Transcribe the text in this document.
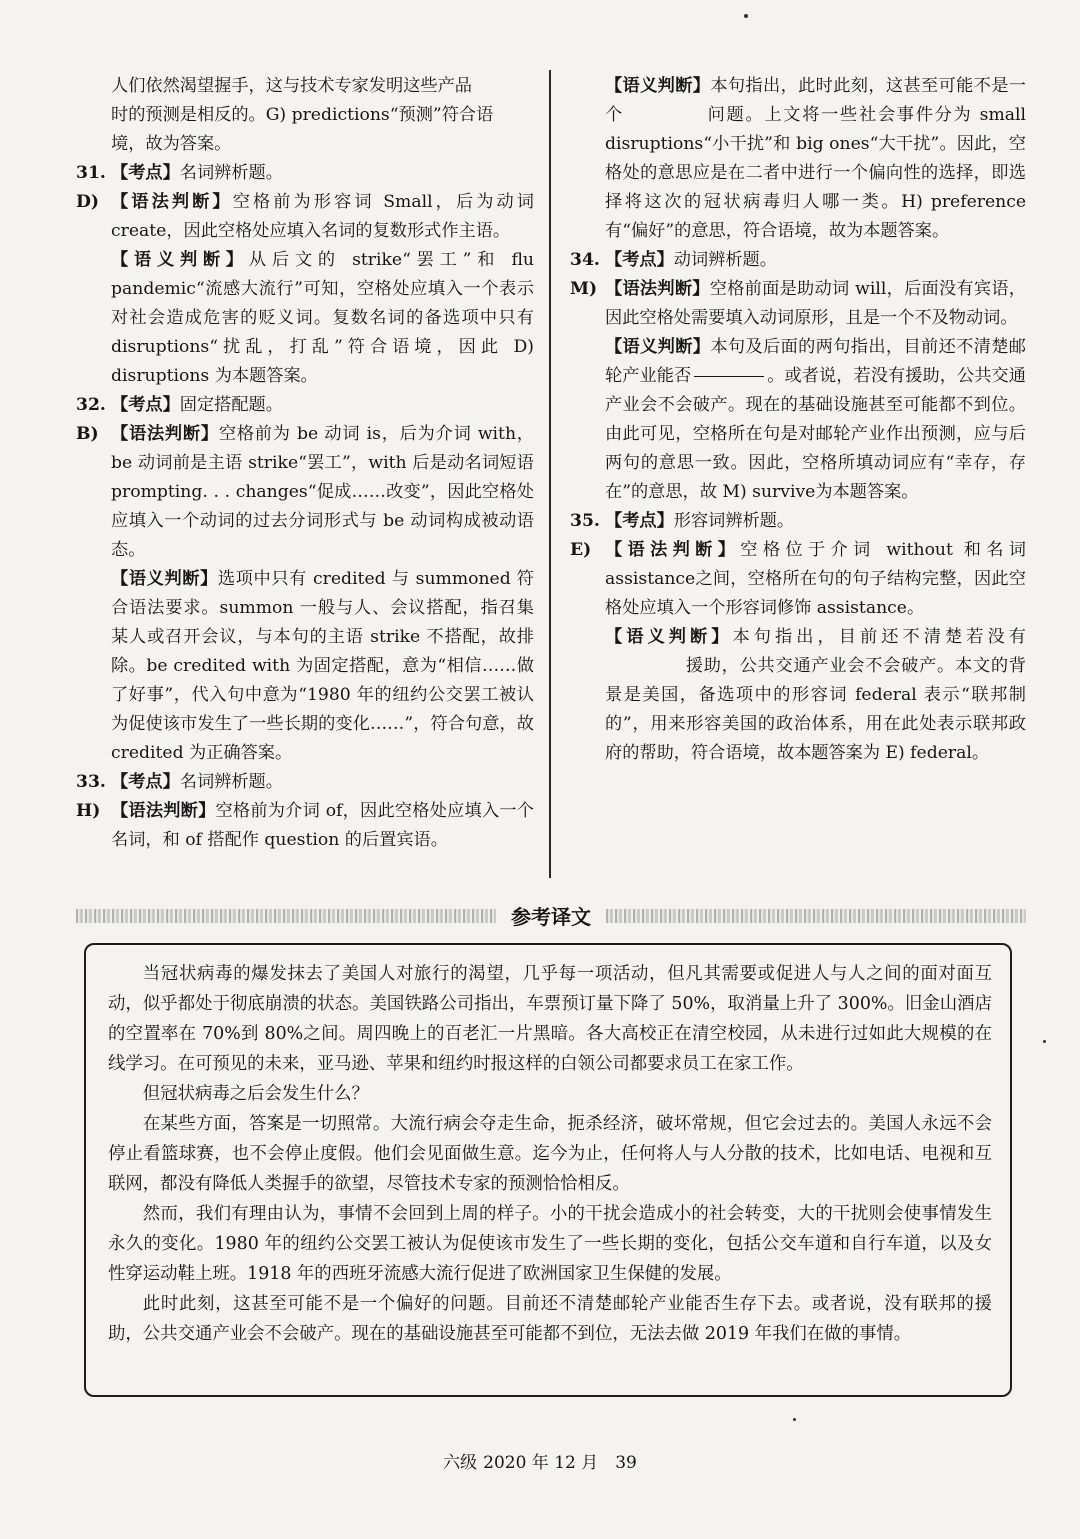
人们依然渴望握手，这与技术专家发明这些产品
时的预测是相反的。G) predictions“预测”符合语
境，故为答案。
31. 【考点】名词辨析题。
D) 【语法判断】空格前为形容词 Small，后为动词 create，因此空格处应填入名词的复数形式作主语。
【语义判断】从后文的 strike“罢工”和 flu pandemic“流感大流行”可知，空格处应填入一个表示对社会造成危害的贬义词。复数名词的备选项中只有 disruptions“扰乱，打乱”符合语境，因此 D) disruptions 为本题答案。
32. 【考点】固定搭配题。
B) 【语法判断】空格前为 be 动词 is，后为介词 with，be 动词前是主语 strike“罢工”，with 后是动名词短语 prompting. . . changes“促成……改变”，因此空格处应填入一个动词的过去分词形式与 be 动词构成被动语态。
【语义判断】选项中只有 credited 与 summoned 符合语法要求。summon 一般与人、会议搭配，指召集某人或召开会议，与本句的主语 strike 不搭配，故排除。be credited with 为固定搭配，意为“相信……做了好事”，代入句中意为“1980 年的纽约公交罢工被认为促使该市发生了一些长期的变化……”，符合句意，故 credited 为正确答案。
33. 【考点】名词辨析题。
H) 【语法判断】空格前为介词 of，因此空格处应填入一个名词，和 of 搭配作 question 的后置宾语。
【语义判断】本句指出，此时此刻，这甚至可能不是一个	问题。上文将一些社会事件分为 small disruptions“小干扰”和 big ones“大干扰”。因此，空格处的意思应是在二者中进行一个偏向性的选择，即选择将这次的冠状病毒归人哪一类。H) preference 有“偏好”的意思，符合语境，故为本题答案。
34. 【考点】动词辨析题。
M) 【语法判断】空格前面是助动词 will，后面没有宾语，因此空格处需要填入动词原形，且是一个不及物动词。
【语义判断】本句及后面的两句指出，目前还不清楚邮轮产业能否	。或者说，若没有援助，公共交通产业会不会破产。现在的基础设施甚至可能都不到位。由此可见，空格所在句是对邮轮产业作出预测，应与后两句的意思一致。因此，空格所填动词应有“幸存，存在”的意思，故 M) survive为本题答案。
35. 【考点】形容词辨析题。
E) 【语法判断】空格位于介词 without 和名词 assistance之间，空格所在句的句子结构完整，因此空格处应填入一个形容词修饰 assistance。
【语义判断】本句指出，目前还不清楚若没有援助，公共交通产业会不会破产。本文的背景是美国，备选项中的形容词 federal 表示“联邦制的”，用来形容美国的政治体系，用在此处表示联邦政府的帮助，符合语境，故本题答案为 E) federal。
参考译文

当冠状病毒的爆发抹去了美国人对旅行的渴望，几乎每一项活动，但凡其需要或促进人与人之间的面对面互动，似乎都处于彻底崩溃的状态。美国铁路公司指出，车票预订量下降了 50%，取消量上升了 300%。旧金山酒店的空置率在 70%到 80%之间。周四晚上的百老汇一片黑暗。各大高校正在清空校园，从未进行过如此大规模的在线学习。在可预见的未来，亚马逊、苹果和纽约时报这样的白领公司都要求员工在家工作。

但冠状病毒之后会发生什么？

在某些方面，答案是一切照常。大流行病会夺走生命，扼杀经济，破坏常规，但它会过去的。美国人永远不会停止看篮球赛，也不会停止度假。他们会见面做生意。迄今为止，任何将人与人分散的技术，比如电话、电视和互联网，都没有降低人类握手的欲望，尽管技术专家的预测恰恰相反。

然而，我们有理由认为，事情不会回到上周的样子。小的干扰会造成小的社会转变，大的干扰则会使事情发生永久的变化。1980 年的纽约公交罢工被认为促使该市发生了一些长期的变化，包括公交车道和自行车道，以及女性穿运动鞋上班。1918 年的西班牙流感大流行促进了欧洲国家卫生保健的发展。

此时此刻，这甚至可能不是一个偏好的问题。目前还不清楚邮轮产业能否生存下去。或者说，没有联邦的援助，公共交通产业会不会破产。现在的基础设施甚至可能都不到位，无法去做 2019 年我们在做的事情。

六级 2020 年 12 月 39
